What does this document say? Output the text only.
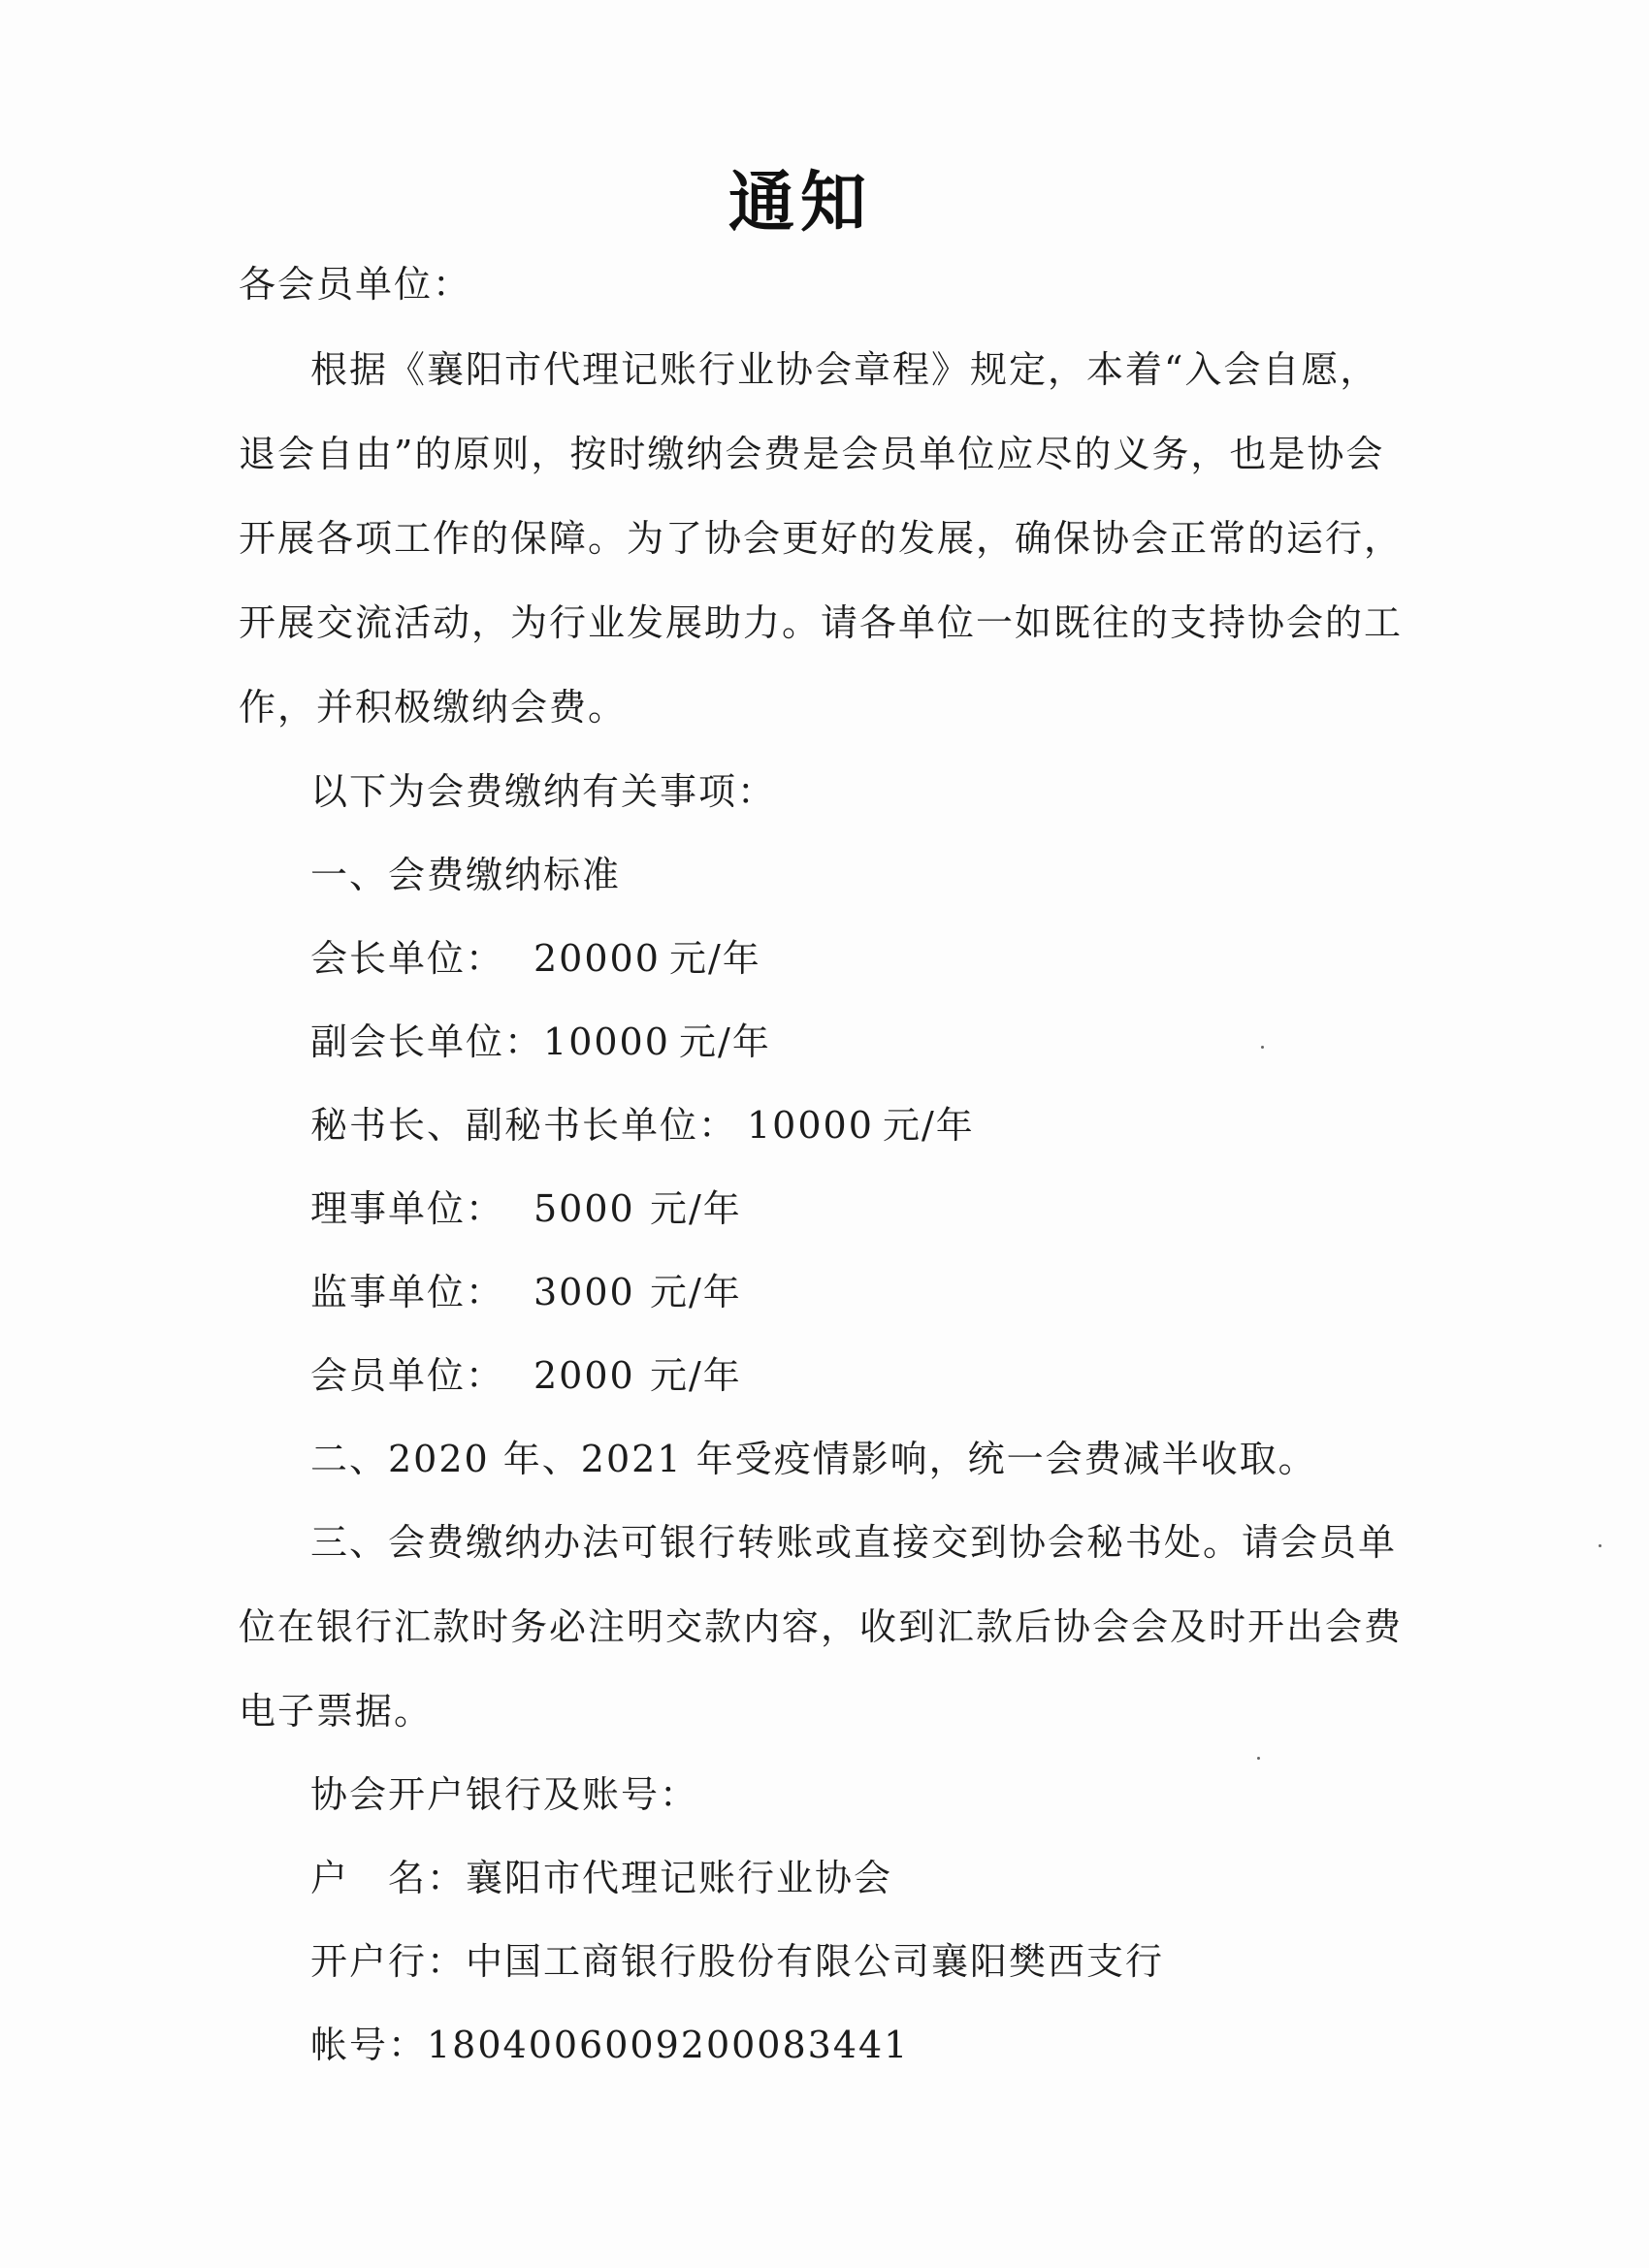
通知
各会员单位：
根据《襄阳市代理记账行业协会章程》规定，本着“入会自愿，
退会自由”的原则，按时缴纳会费是会员单位应尽的义务，也是协会
开展各项工作的保障。为了协会更好的发展，确保协会正常的运行，
开展交流活动，为行业发展助力。请各单位一如既往的支持协会的工
作，并积极缴纳会费。
以下为会费缴纳有关事项：
一、会费缴纳标准
会长单位： 20000 元/年
副会长单位：10000 元/年
秘书长、副秘书长单位： 10000 元/年
理事单位： 5000 元/年
监事单位： 3000 元/年
会员单位： 2000 元/年
二、2020 年、2021 年受疫情影响，统一会费减半收取。
三、会费缴纳办法可银行转账或直接交到协会秘书处。请会员单
位在银行汇款时务必注明交款内容，收到汇款后协会会及时开出会费
电子票据。
协会开户银行及账号：
户　名：襄阳市代理记账行业协会
开户行：中国工商银行股份有限公司襄阳樊西支行
帐号：1804006009200083441
